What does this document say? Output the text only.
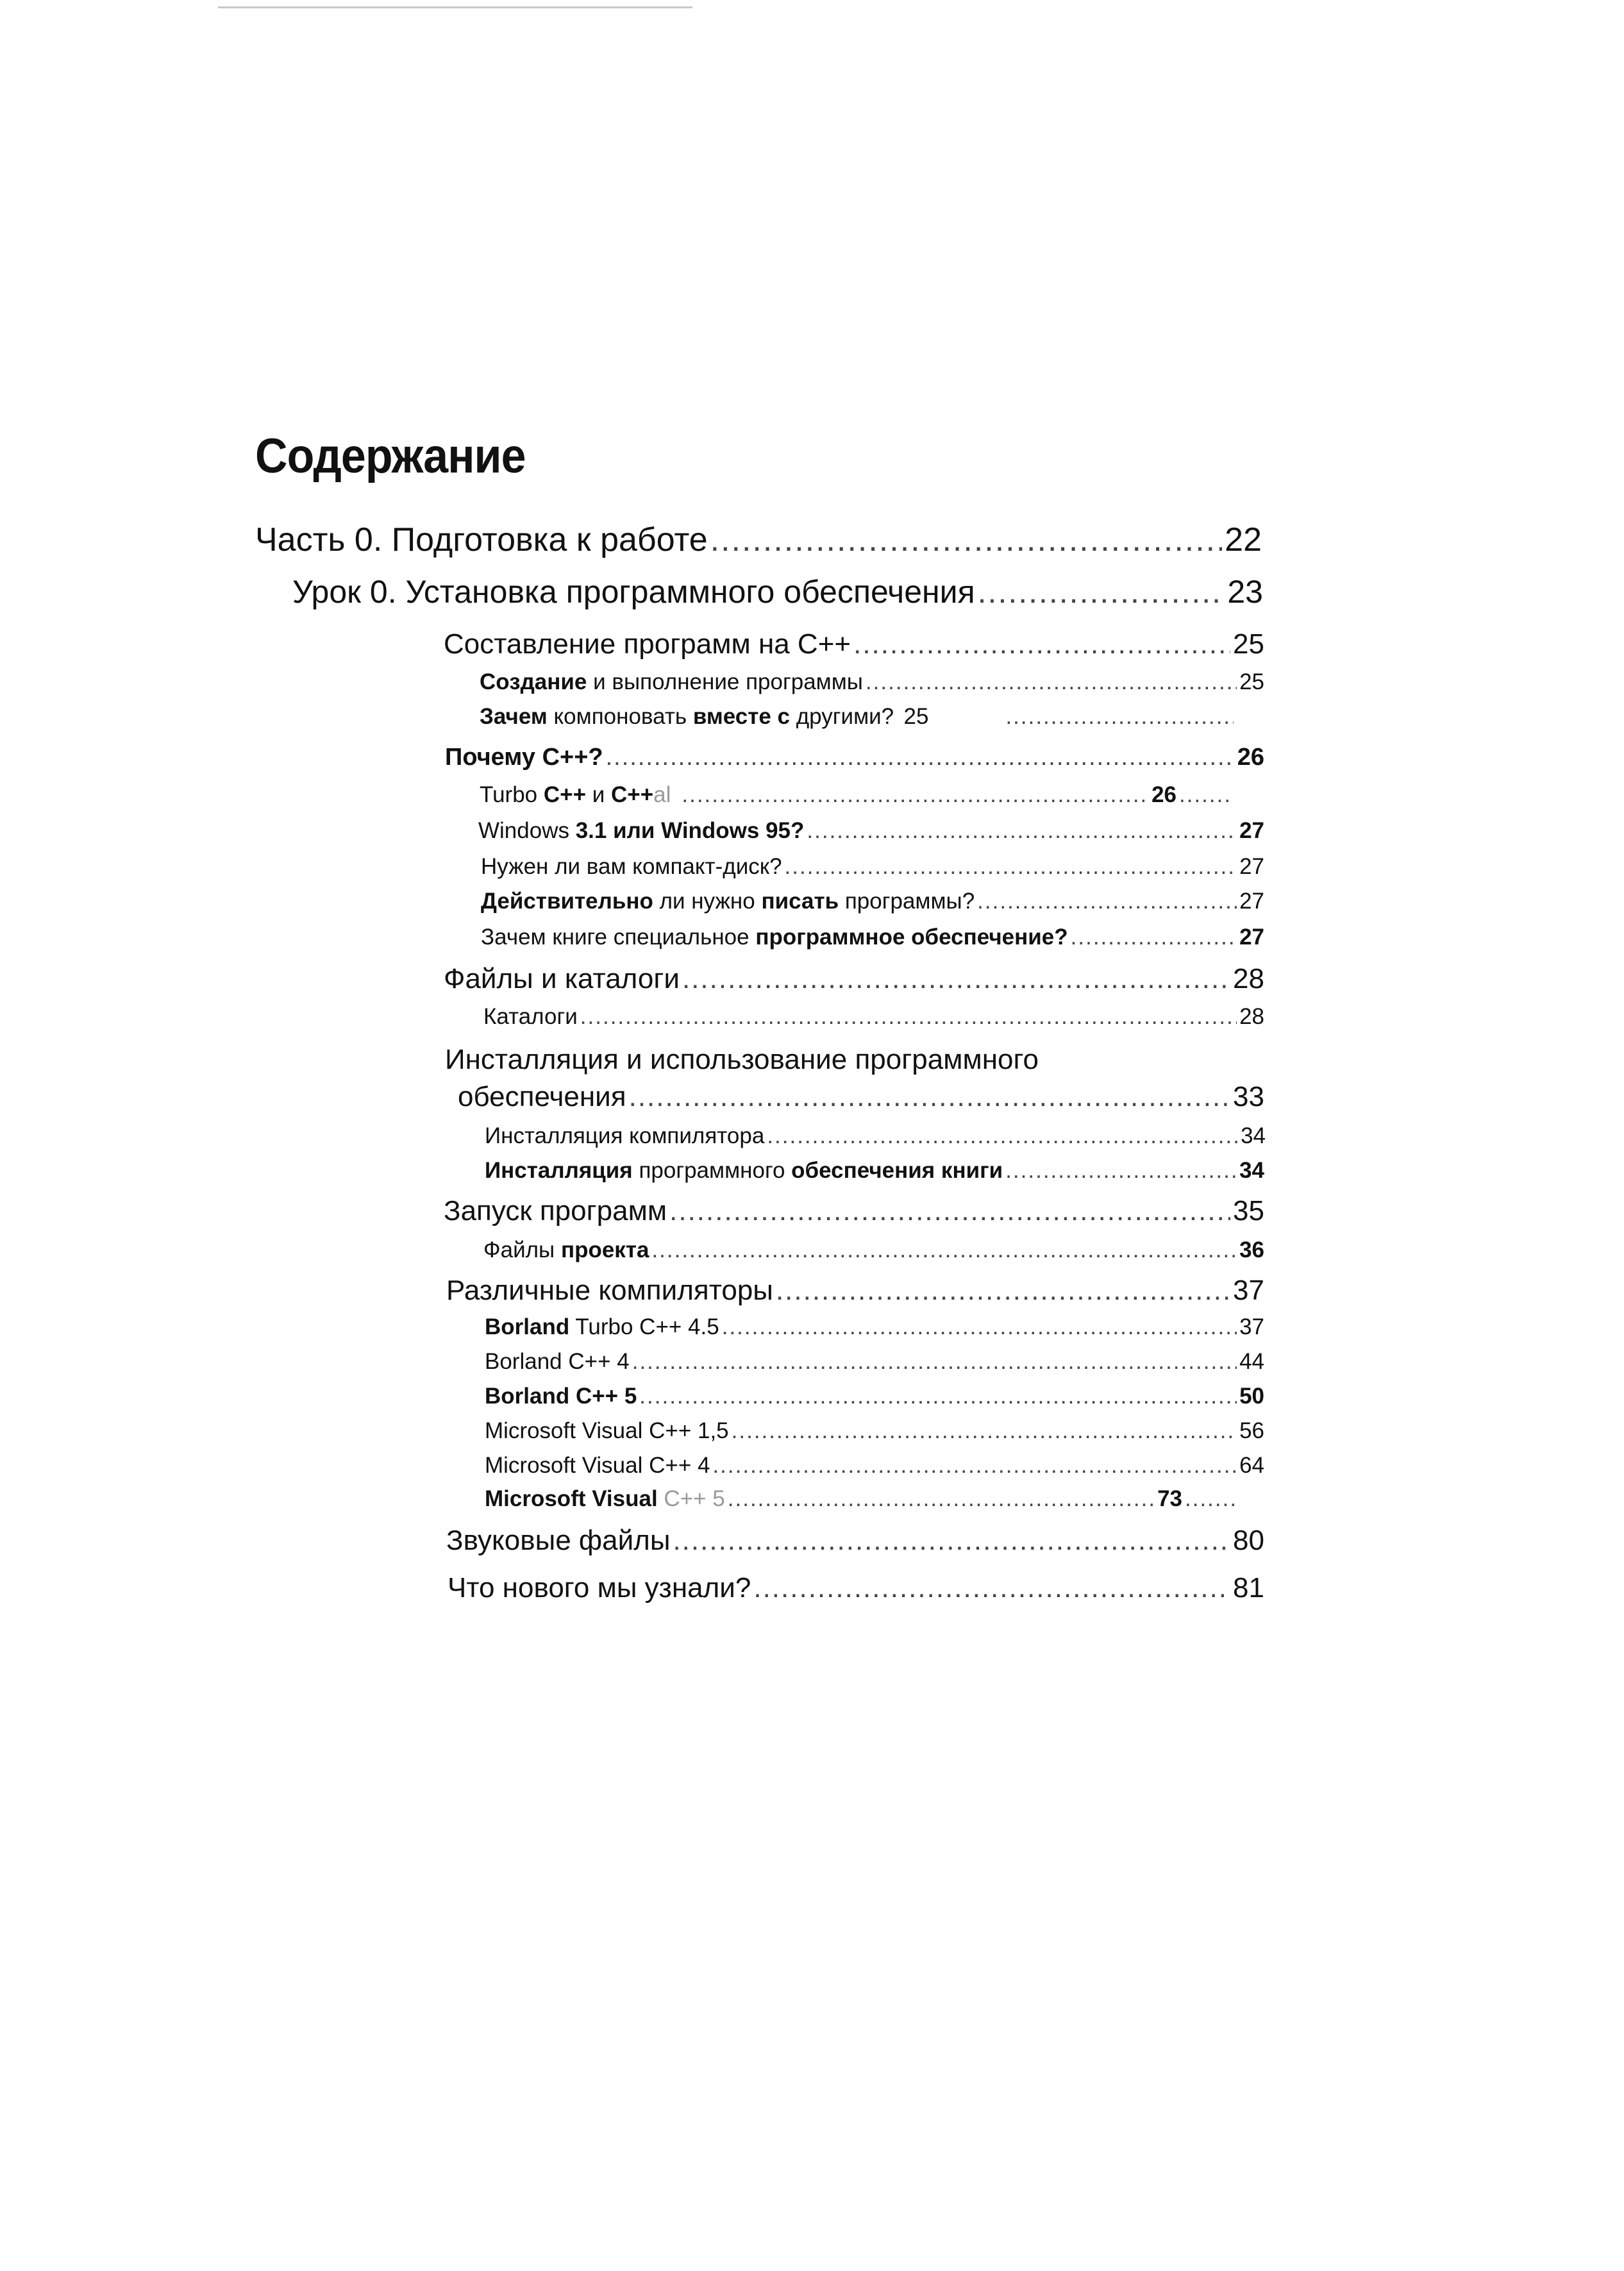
Содержание
Часть 0. Подготовка к работе .....	22
Урок 0. Установка программного обеспечения .....	23
Составление программ на С++ .....	25
Создание и выполнение программы .....	25
Зачем компоновать вместе с другими? 25
.....
Почему С++? .....	26
Turbo С++ и С++al .....	26
.....
Windows 3.1 или Windows 95? .....	27
Нужен ли вам компакт-диск? .....	27
Действительно ли нужно писать программы? .....	27
Зачем книге специальное программное обеспечение? .....	27
Файлы и каталоги .....	28
Каталоги .....	28
Инсталляция и использование программного
обеспечения .....	33
Инсталляция компилятора .....	34
Инсталляция программного обеспечения книги .....	34
Запуск программ .....	35
Файлы проекта .....	36
Различные компиляторы .....	37
Borland Turbo С++ 4.5 .....	37
Borland С++ 4 .....	44
Borland С++ 5 .....	50
Microsoft Visual С++ 1,5 .....	56
Microsoft Visual С++ 4 .....	64
Microsoft Visual С++ 5 .....	73
.....
Звуковые файлы .....	80
Что нового мы узнали? .....	81
